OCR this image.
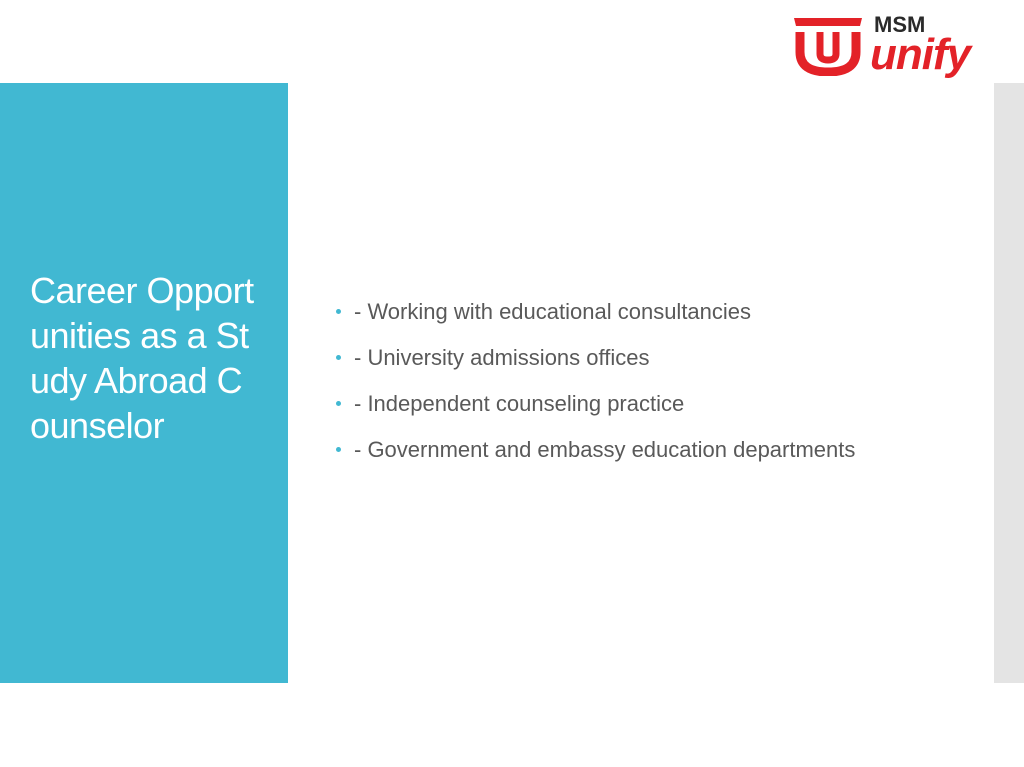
MSM
unify
Career Opportunities as a Study Abroad Counselor
- Working with educational consultancies
- University admissions offices
- Independent counseling practice
- Government and embassy education departments
